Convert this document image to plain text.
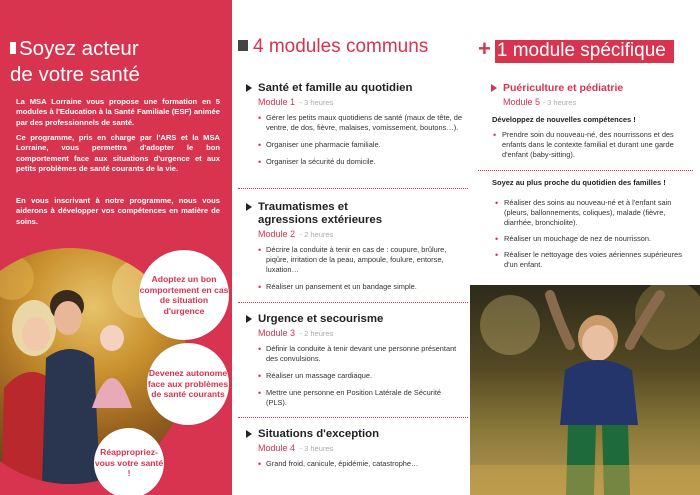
Soyez acteur
de votre santé

La MSA Lorraine vous propose une formation en 5 modules à l'Education à la Santé Familiale (ESF) animée par des professionnels de santé.

Ce programme, pris en charge par l'ARS et la MSA Lorraine, vous permettra d'adopter le bon comportement face aux situations d'urgence et aux petits problèmes de santé courants de la vie.

En vous inscrivant à notre programme, nous vous aiderons à développer vos compétences en matière de soins.

Adoptez un bon comportement en cas de situation d'urgence
Devenez autonome face aux problèmes de santé courants
Réappropriez-vous votre santé !
4 modules communs
Santé et famille au quotidien
Module 1 - 3 heures
• Gérer les petits maux quotidiens de santé (maux de tête, de ventre, de dos, fièvre, malaises, vomissement, boutons…).
• Organiser une pharmacie familiale.
• Organiser la sécurité du domicile.
Traumatismes et
agressions extérieures
Module 2 - 2 heures
• Décrire la conduite à tenir en cas de : coupure, brûlure, piqûre, irritation de la peau, ampoule, foulure, entorse, luxation…
• Réaliser un pansement et un bandage simple.
Urgence et secourisme
Module 3 - 2 heures
• Définir la conduite à tenir devant une personne présentant des convulsions.
• Réaliser un massage cardiaque.
• Mettre une personne en Position Latérale de Sécurité (PLS).
Situations d'exception
Module 4 - 3 heures
• Grand froid, canicule, épidémie, catastrophe…
+ 1 module spécifique
Puériculture et pédiatrie
Module 5 - 3 heures
Développez de nouvelles compétences !
• Prendre soin du nouveau-né, des nourrissons et des enfants dans le contexte familial et durant une garde d'enfant (baby-sitting).
Soyez au plus proche du quotidien des familles !
• Réaliser des soins au nouveau-né et à l'enfant sain (pleurs, ballonnements, coliques), malade (fièvre, diarrhée, bronchiolite).
• Réaliser un mouchage de nez de nourrisson.
• Réaliser le nettoyage des voies aériennes supérieures d'un enfant.
